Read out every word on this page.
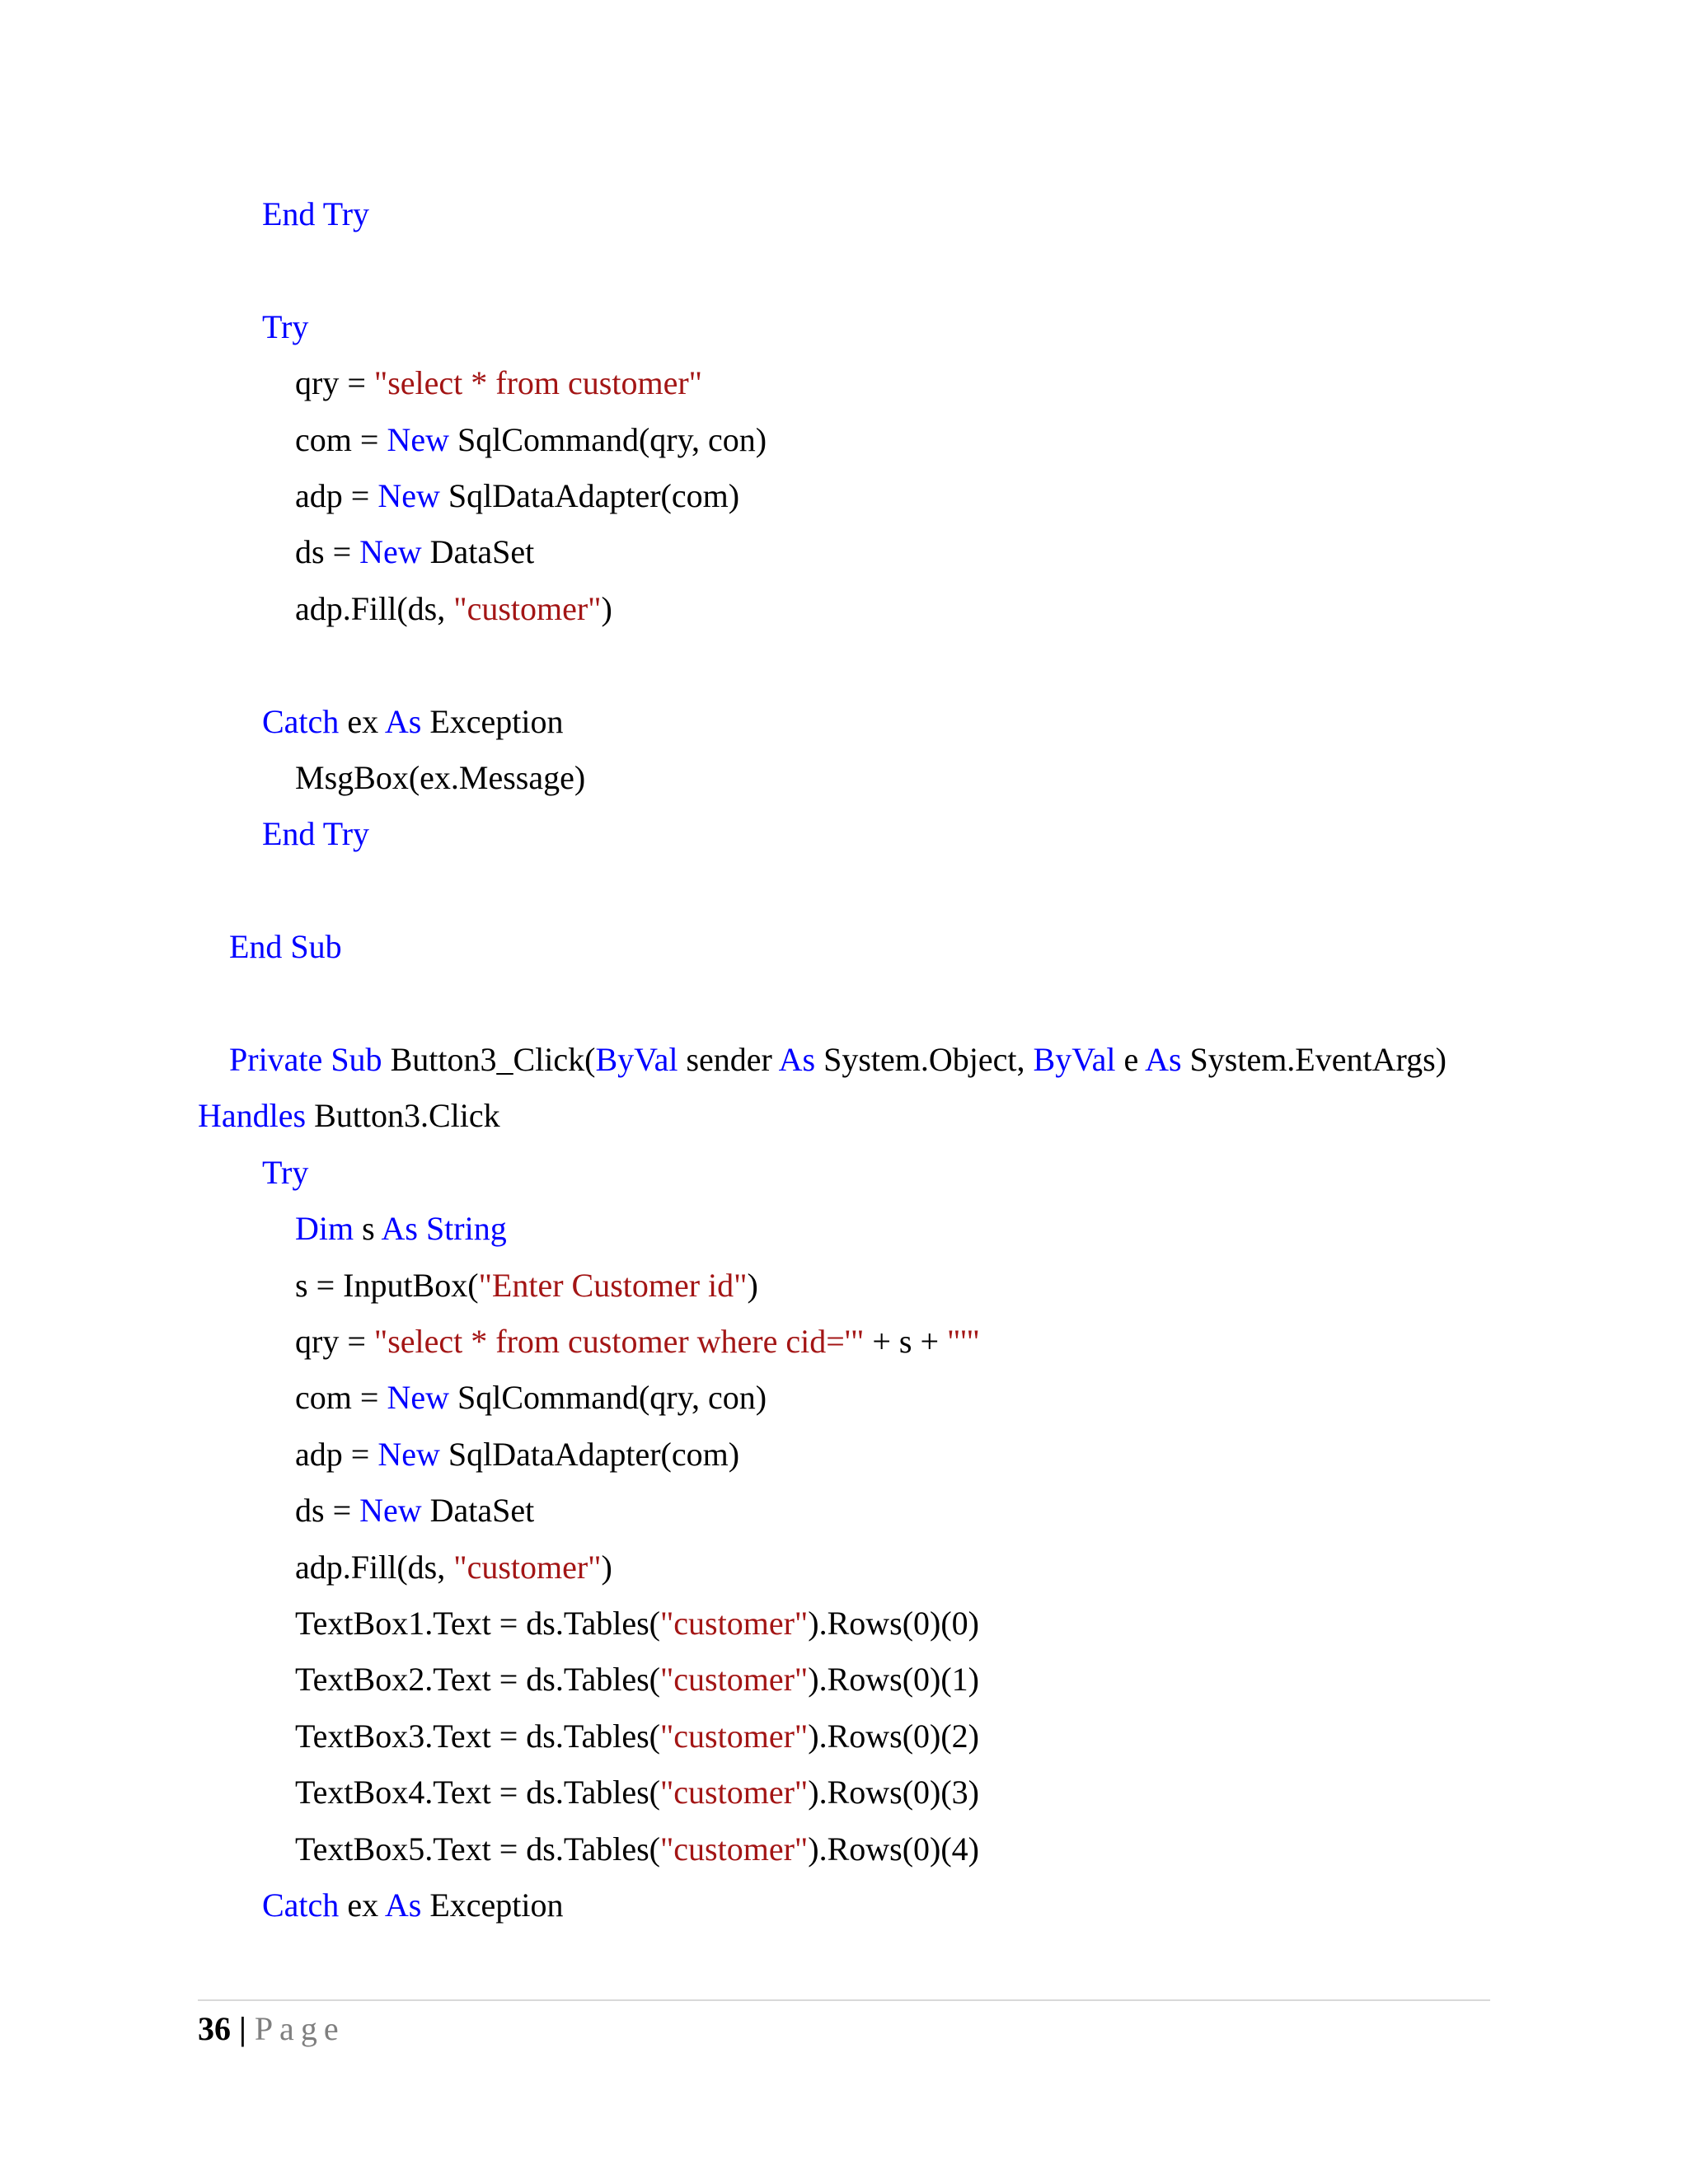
End Try
Try
qry = "select * from customer"
com = New SqlCommand(qry, con)
adp = New SqlDataAdapter(com)
ds = New DataSet
adp.Fill(ds, "customer")
Catch ex As Exception
MsgBox(ex.Message)
End Try
End Sub
Private Sub Button3_Click(ByVal sender As System.Object, ByVal e As System.EventArgs)
Handles Button3.Click
Try
Dim s As String
s = InputBox("Enter Customer id")
qry = "select * from customer where cid='" + s + "'"
com = New SqlCommand(qry, con)
adp = New SqlDataAdapter(com)
ds = New DataSet
adp.Fill(ds, "customer")
TextBox1.Text = ds.Tables("customer").Rows(0)(0)
TextBox2.Text = ds.Tables("customer").Rows(0)(1)
TextBox3.Text = ds.Tables("customer").Rows(0)(2)
TextBox4.Text = ds.Tables("customer").Rows(0)(3)
TextBox5.Text = ds.Tables("customer").Rows(0)(4)
Catch ex As Exception
36 | Page
